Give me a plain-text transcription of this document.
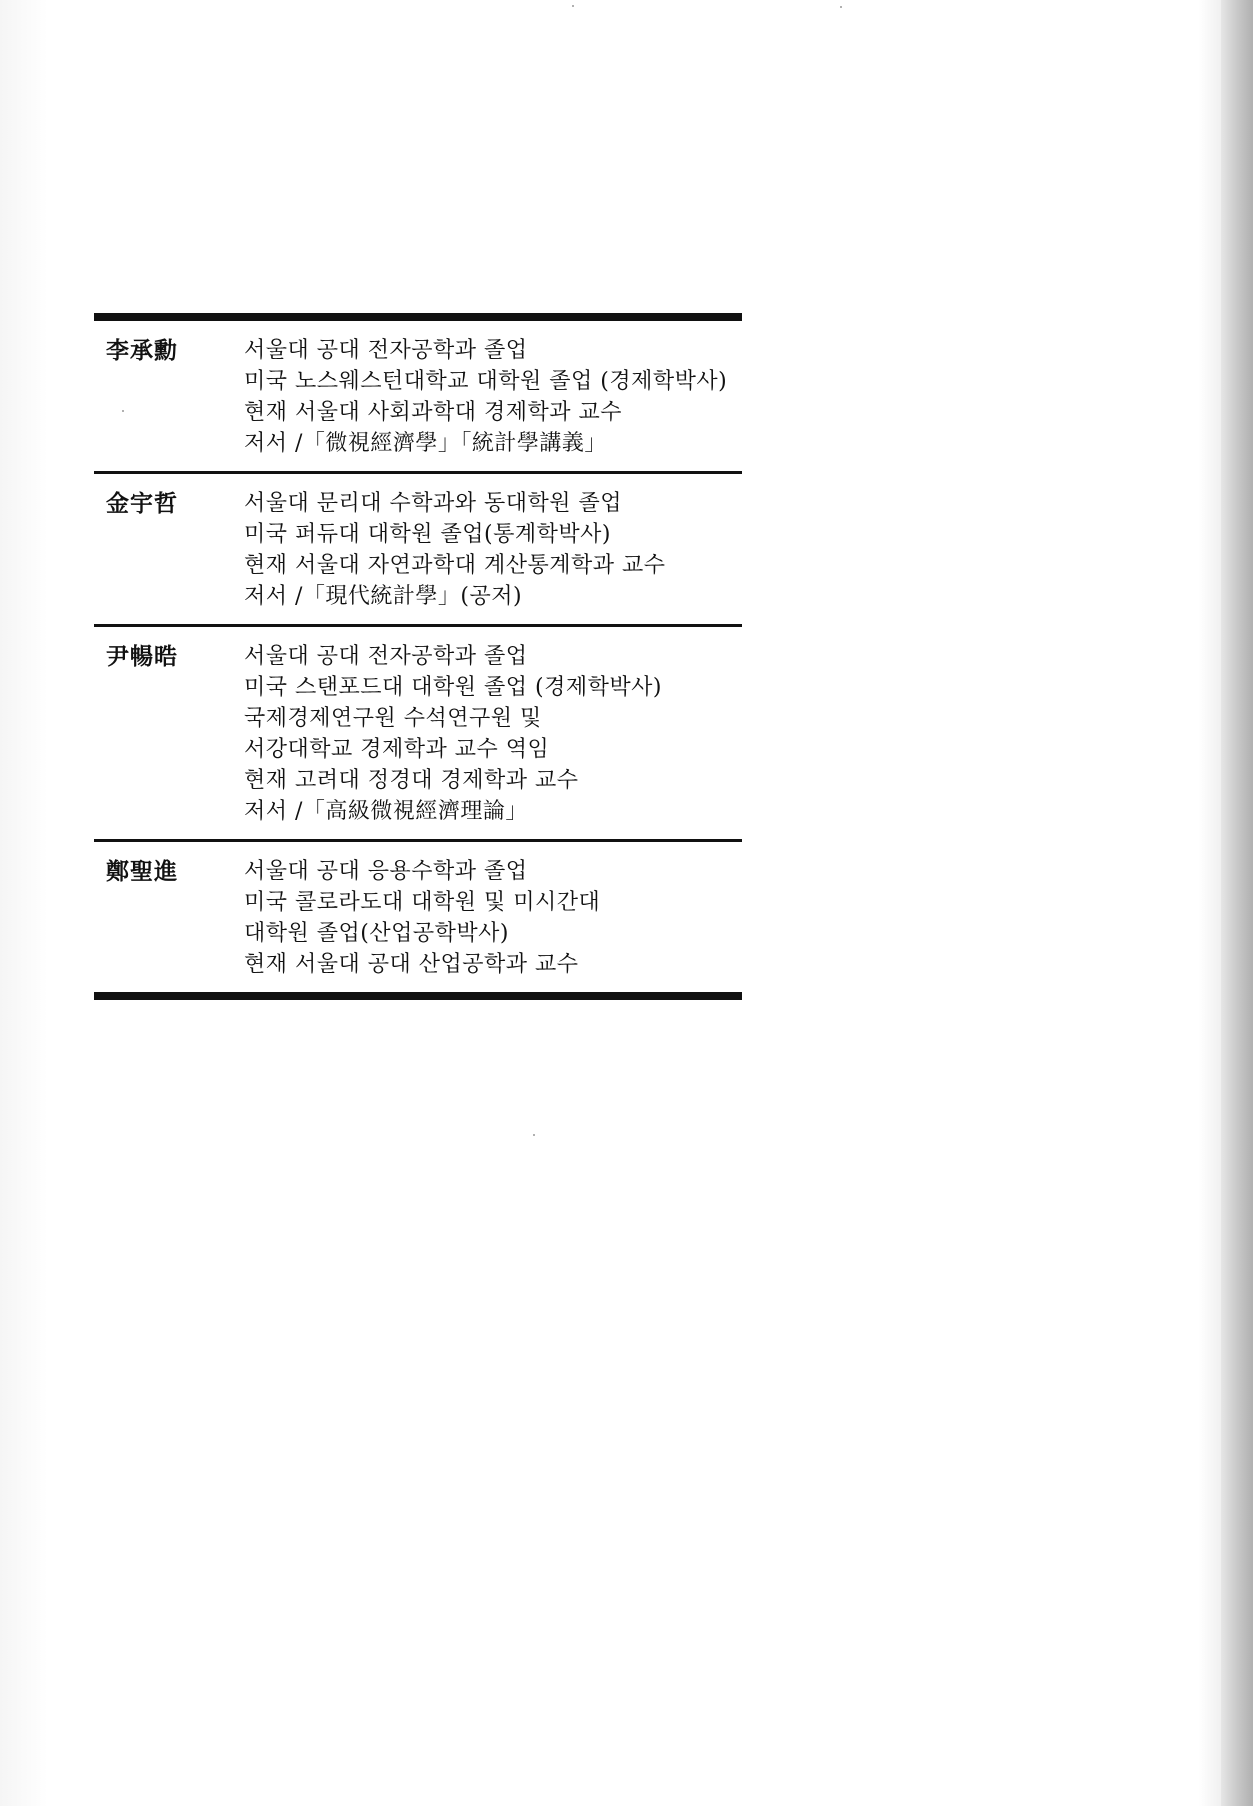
李承勳	서울대 공대 전자공학과 졸업
미국 노스웨스턴대학교 대학원 졸업 (경제학박사)
현재 서울대 사회과학대 경제학과 교수
저서 /「微視經濟學」「統計學講義」
金宇哲	서울대 문리대 수학과와 동대학원 졸업
미국 퍼듀대 대학원 졸업(통계학박사)
현재 서울대 자연과학대 계산통계학과 교수
저서 /「現代統計學」(공저)
尹暢晧	서울대 공대 전자공학과 졸업
미국 스탠포드대 대학원 졸업 (경제학박사)
국제경제연구원 수석연구원 및
서강대학교 경제학과 교수 역임
현재 고려대 정경대 경제학과 교수
저서 /「高級微視經濟理論」
鄭聖進	서울대 공대 응용수학과 졸업
미국 콜로라도대 대학원 및 미시간대
대학원 졸업(산업공학박사)
현재 서울대 공대 산업공학과 교수
